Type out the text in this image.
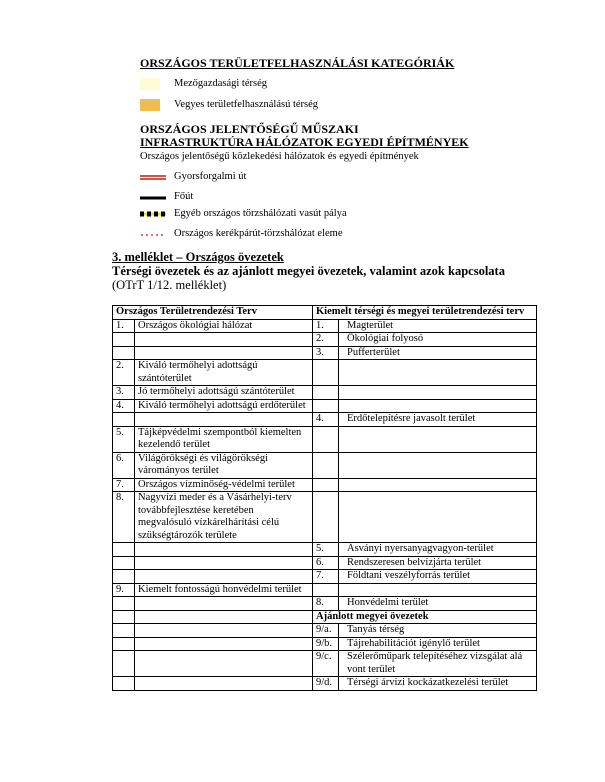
ORSZÁGOS TERÜLETFELHASZNÁLÁSI KATEGÓRIÁK
Mezőgazdasági térség
Vegyes területfelhasználású térség
ORSZÁGOS JELENTŐSÉGŰ MŰSZAKI
INFRASTRUKTÚRA HÁLÓZATOK EGYEDI ÉPÍTMÉNYEK
Országos jelentőségű közlekedési hálózatok és egyedi építmények
Gyorsforgalmi út
Főút
Egyéb országos törzshálózati vasút pálya
Országos kerékpárút-törzshálózat eleme
3. melléklet – Országos övezetek
Térségi övezetek és az ajánlott megyei övezetek, valamint azok kapcsolata
(OTrT 1/12. melléklet)
Országos Területrendezési Terv		Kiemelt térségi és megyei területrendezési terv	
1.	Országos ökológiai hálózat	1.	Magterület
		2.	Ökológiai folyosó
		3.	Pufferterület
2.	Kiváló termőhelyi adottságú szántóterület		
3.	Jó termőhelyi adottságú szántóterület		
4.	Kiváló termőhelyi adottságú erdőterület		
		4.	Erdőtelepítésre javasolt terület
5.	Tájképvédelmi szempontból kiemelten kezelendő terület		
6.	Világörökségi és világörökségi várományos terület		
7.	Országos vízminőség-védelmi terület		
8.	Nagyvízi meder és a Vásárhelyi-terv továbbfejlesztése keretében megvalósuló vízkárelhárítási célú szükségtározók területe		
		5.	Ásványi nyersanyagvagyon-terület
		6.	Rendszeresen belvízjárta terület
		7.	Földtani veszélyforrás terület
9.	Kiemelt fontosságú honvédelmi terület		
		8.	Honvédelmi terület
		Ajánlott megyei övezetek	
		9/a.	Tanyás térség
		9/b.	Tájrehabilitációt igénylő terület
		9/c.	Szélerőműpark telepítéséhez vizsgálat alá vont terület
		9/d.	Térségi árvízi kockázatkezelési terület
